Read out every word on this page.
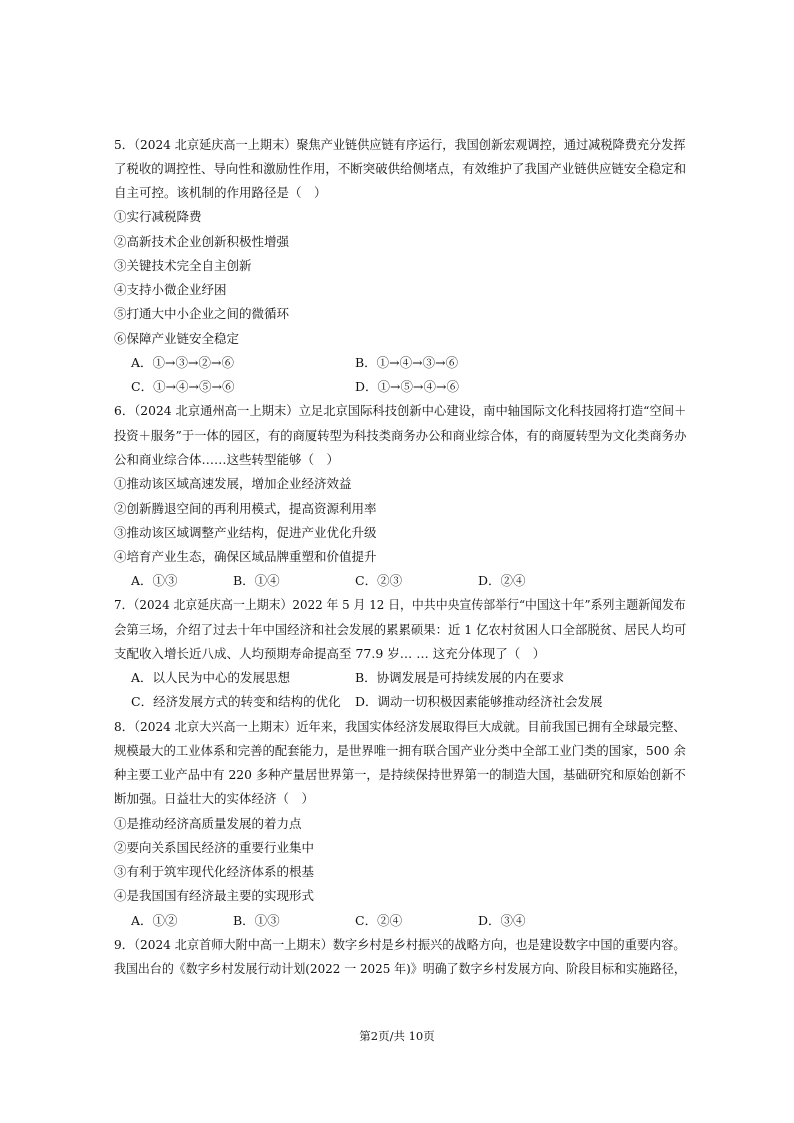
5．（2024 北京延庆高一上期末）聚焦产业链供应链有序运行，我国创新宏观调控，通过减税降费充分发挥
了税收的调控性、导向性和激励性作用，不断突破供给侧堵点，有效维护了我国产业链供应链安全稳定和
自主可控。该机制的作用路径是（　）
①实行减税降费
②高新技术企业创新积极性增强
③关键技术完全自主创新
④支持小微企业纾困
⑤打通大中小企业之间的微循环
⑥保障产业链安全稳定
A．①→③→②→⑥	B．①→④→③→⑥
C．①→④→⑤→⑥	D．①→⑤→④→⑥
6．（2024 北京通州高一上期末）立足北京国际科技创新中心建设，南中轴国际文化科技园将打造“空间＋
投资＋服务”于一体的园区，有的商厦转型为科技类商务办公和商业综合体，有的商厦转型为文化类商务办
公和商业综合体……这些转型能够（　）
①推动该区域高速发展，增加企业经济效益
②创新腾退空间的再利用模式，提高资源利用率
③推动该区域调整产业结构，促进产业优化升级
④培育产业生态，确保区域品牌重塑和价值提升
A．①③	B．①④	C．②③	D．②④
7．（2024 北京延庆高一上期末）2022 年 5 月 12 日，中共中央宣传部举行“中国这十年”系列主题新闻发布
会第三场，介绍了过去十年中国经济和社会发展的累累硕果：近 1 亿农村贫困人口全部脱贫、居民人均可
支配收入增长近八成、人均预期寿命提高至 77.9 岁… … 这充分体现了（　）
A．以人民为中心的发展思想	B．协调发展是可持续发展的内在要求
C．经济发展方式的转变和结构的优化 D．调动一切积极因素能够推动经济社会发展
8．（2024 北京大兴高一上期末）近年来，我国实体经济发展取得巨大成就。目前我国已拥有全球最完整、
规模最大的工业体系和完善的配套能力，是世界唯一拥有联合国产业分类中全部工业门类的国家，500 余
种主要工业产品中有 220 多种产量居世界第一，是持续保持世界第一的制造大国，基础研究和原始创新不
断加强。日益壮大的实体经济（　）
①是推动经济高质量发展的着力点
②要向关系国民经济的重要行业集中
③有利于筑牢现代化经济体系的根基
④是我国国有经济最主要的实现形式
A．①②	B．①③	C．②④	D．③④
9．（2024 北京首师大附中高一上期末）数字乡村是乡村振兴的战略方向，也是建设数字中国的重要内容。
我国出台的《数字乡村发展行动计划(2022 一 2025 年)》明确了数字乡村发展方向、阶段目标和实施路径，
第2页/共 10页
